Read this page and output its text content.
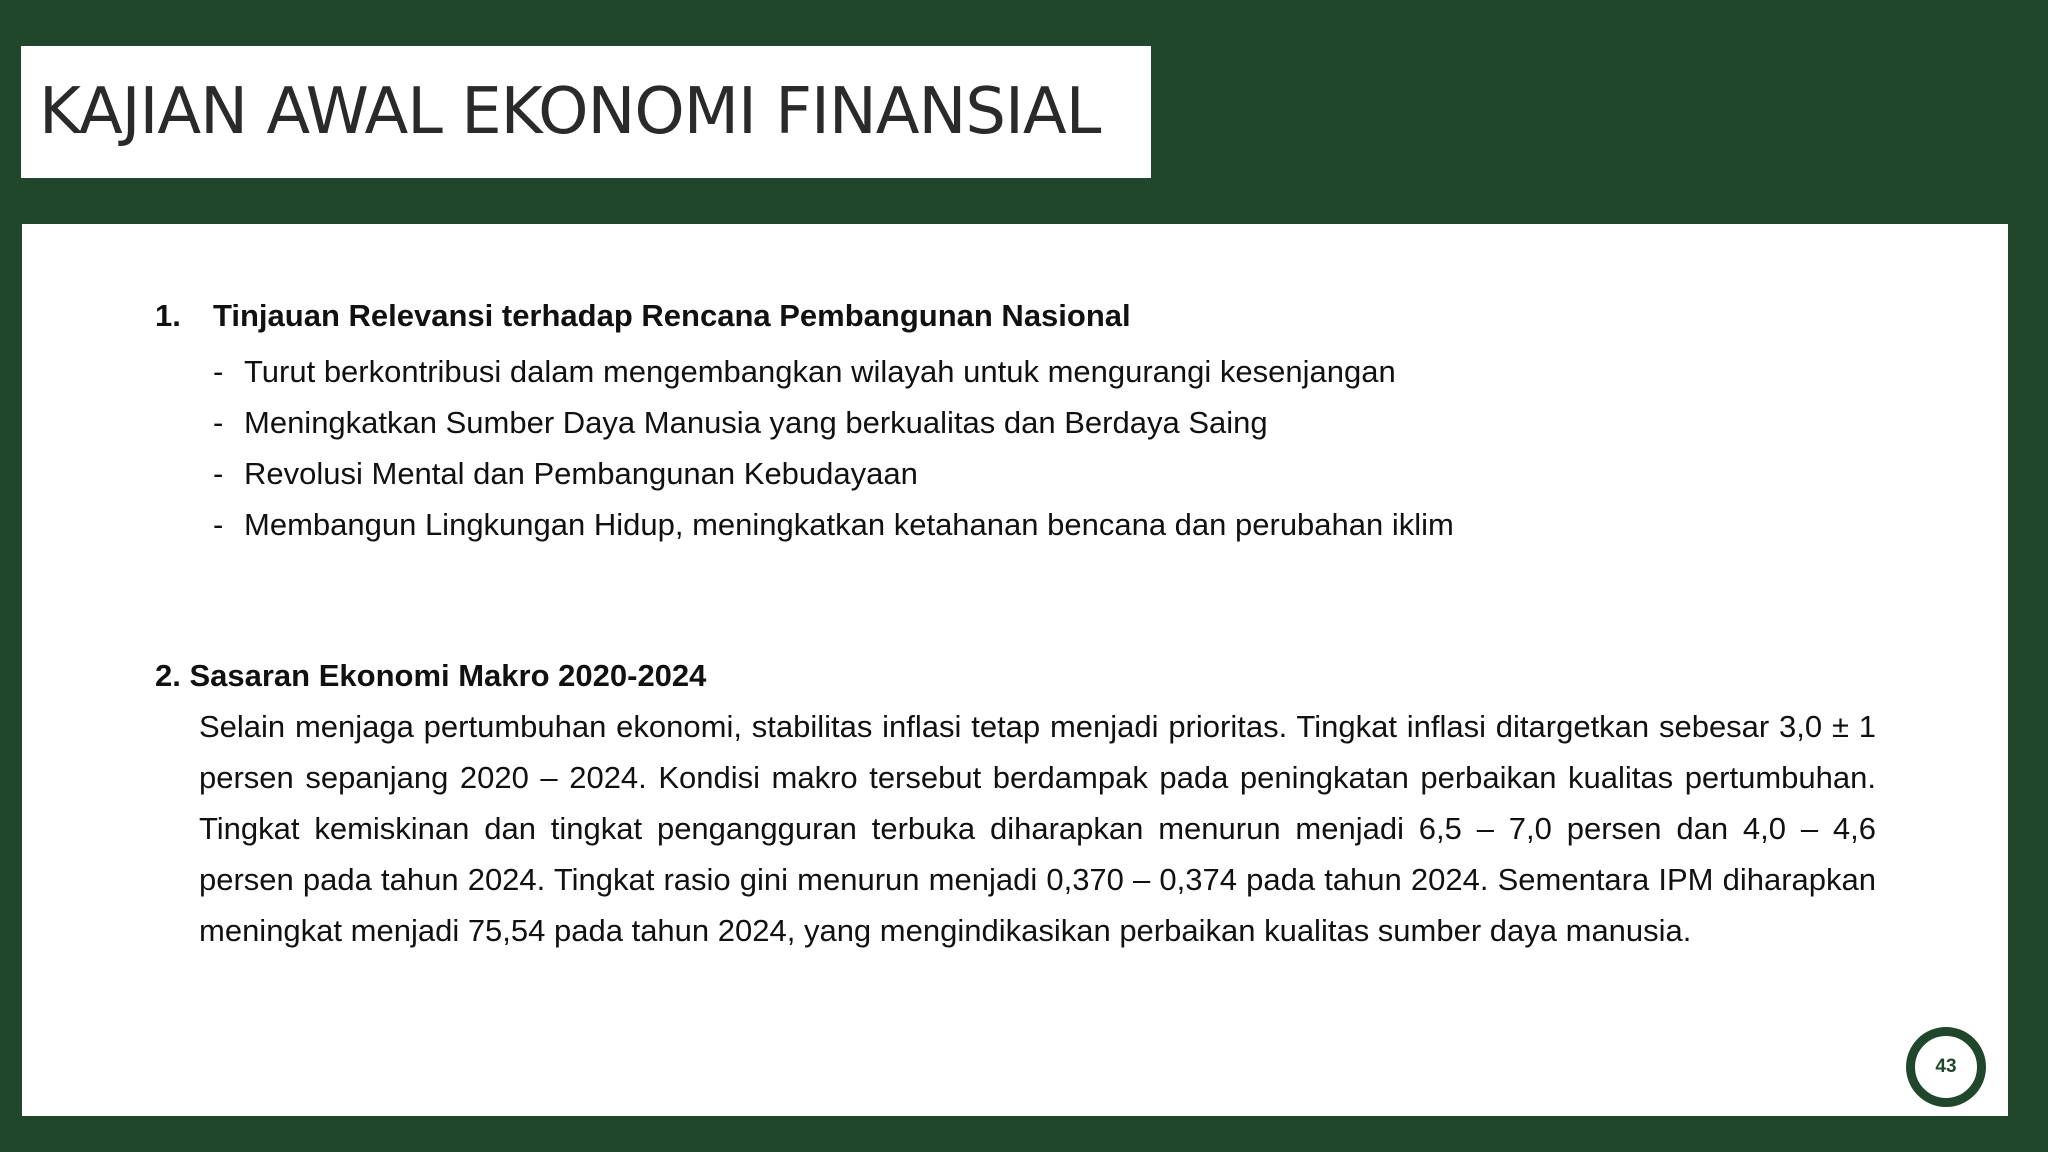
KAJIAN AWAL EKONOMI FINANSIAL
1. Tinjauan Relevansi terhadap Rencana Pembangunan Nasional
- Turut berkontribusi dalam mengembangkan wilayah untuk mengurangi kesenjangan
- Meningkatkan Sumber Daya Manusia yang berkualitas dan Berdaya Saing
- Revolusi Mental dan Pembangunan Kebudayaan
- Membangun Lingkungan Hidup, meningkatkan ketahanan bencana dan perubahan iklim
2. Sasaran Ekonomi Makro 2020-2024

Selain menjaga pertumbuhan ekonomi, stabilitas inflasi tetap menjadi prioritas. Tingkat inflasi ditargetkan sebesar 3,0 ± 1 persen sepanjang 2020 – 2024. Kondisi makro tersebut berdampak pada peningkatan perbaikan kualitas pertumbuhan. Tingkat kemiskinan dan tingkat pengangguran terbuka diharapkan menurun menjadi 6,5 – 7,0 persen dan 4,0 – 4,6 persen pada tahun 2024. Tingkat rasio gini menurun menjadi 0,370 – 0,374 pada tahun 2024. Sementara IPM diharapkan meningkat menjadi 75,54 pada tahun 2024, yang mengindikasikan perbaikan kualitas sumber daya manusia.

43
